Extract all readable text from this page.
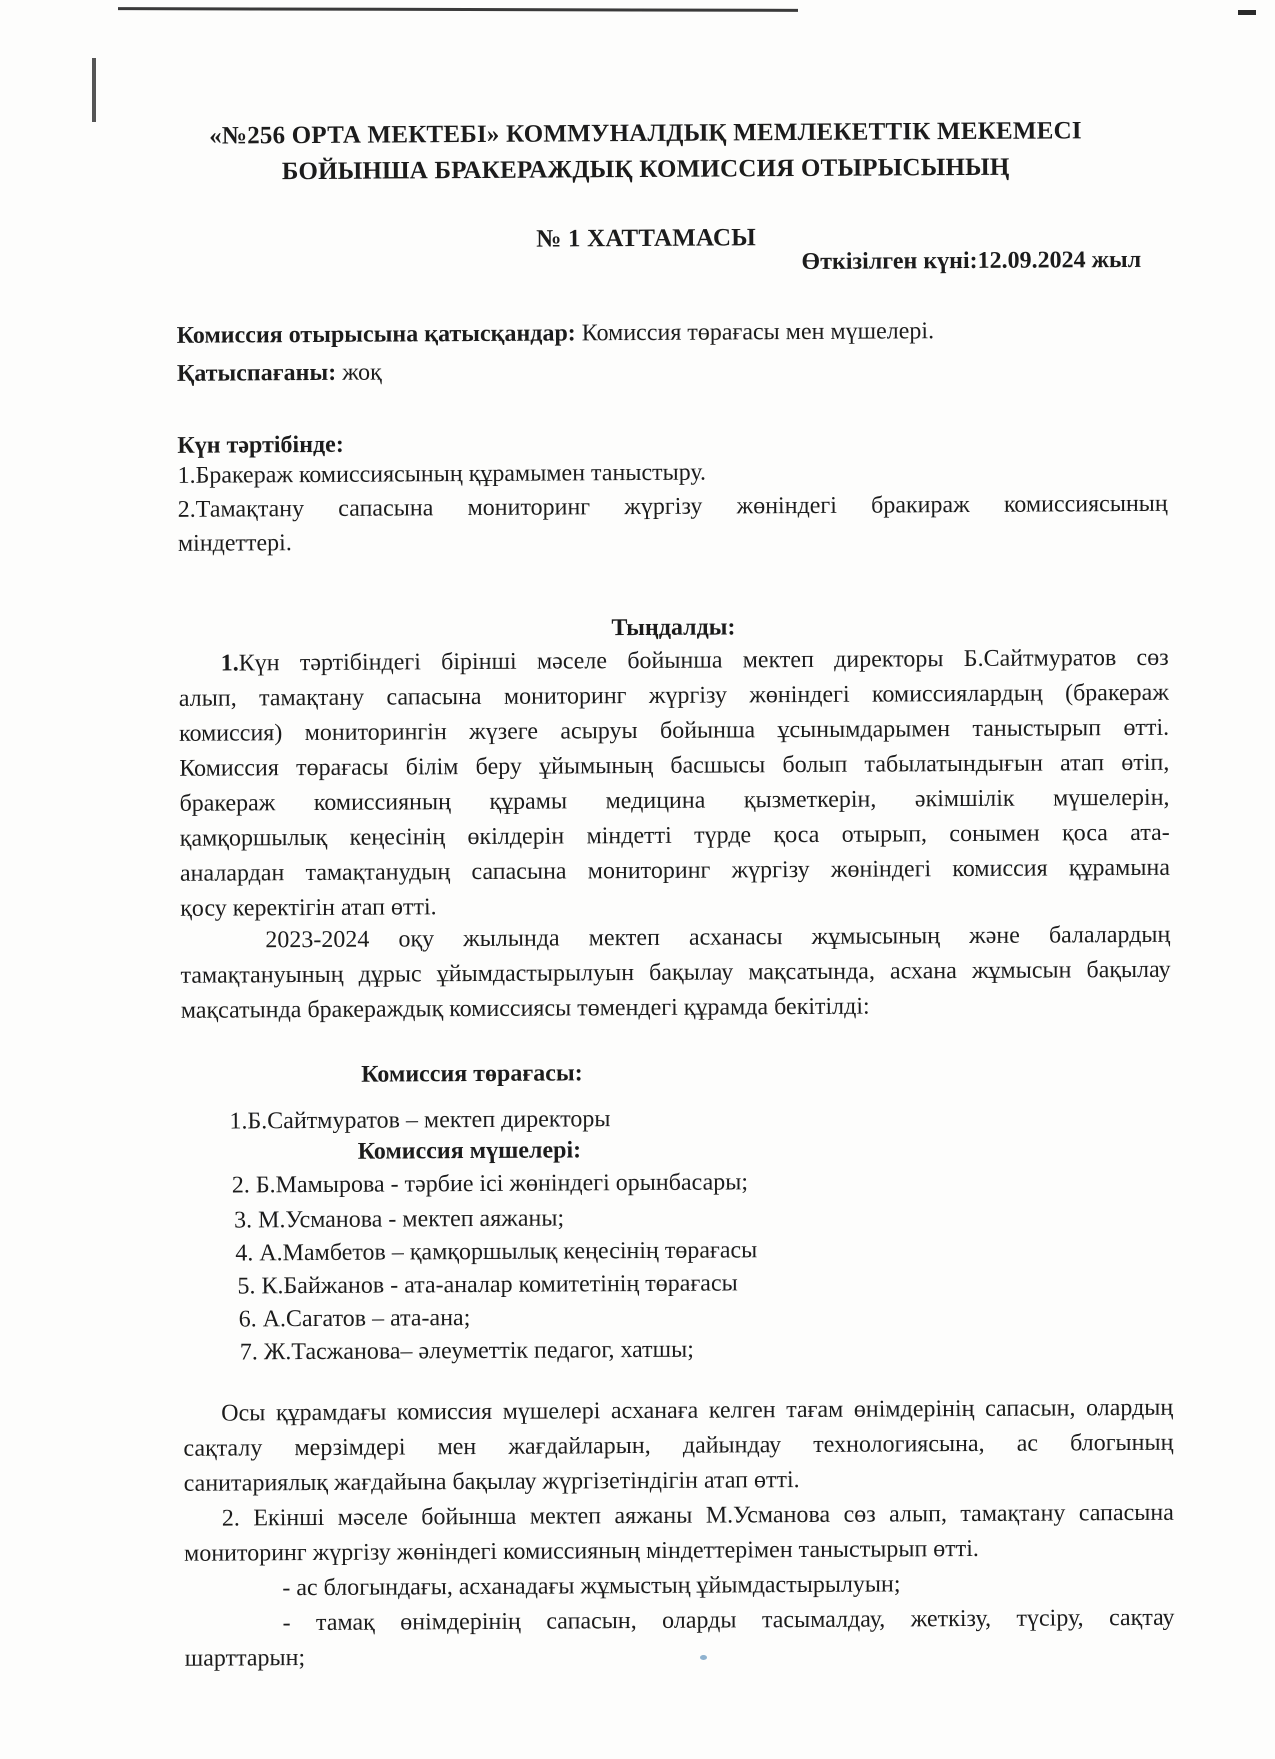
«№256 ОРТА МЕКТЕБІ» КОММУНАЛДЫҚ МЕМЛЕКЕТТІК МЕКЕМЕСІ
БОЙЫНША БРАКЕРАЖДЫҚ КОМИССИЯ ОТЫРЫСЫНЫҢ
№ 1 ХАТТАМАСЫ
Өткізілген күні:12.09.2024 жыл
Комиссия отырысына қатысқандар: Комиссия төрағасы мен мүшелері.
Қатыспағаны: жоқ
Күн тәртібінде:
1.Бракераж комиссиясының құрамымен таныстыру.
2.Тамақтану сапасына мониторинг жүргізу жөніндегі бракираж комиссиясының
міндеттері.
Тыңдалды:
1.Күн тәртібіндегі бірінші мәселе бойынша мектеп директоры Б.Сайтмуратов сөз
алып, тамақтану сапасына мониторинг жүргізу жөніндегі комиссиялардың (бракераж
комиссия) мониторингін жүзеге асыруы бойынша ұсынымдарымен таныстырып өтті.
Комиссия төрағасы білім беру ұйымының басшысы болып табылатындығын атап өтіп,
бракераж комиссияның құрамы медицина қызметкерін, әкімшілік мүшелерін,
қамқоршылық кеңесінің өкілдерін міндетті түрде қоса отырып, сонымен қоса ата-
аналардан тамақтанудың сапасына мониторинг жүргізу жөніндегі комиссия құрамына
қосу керектігін атап өтті.
2023-2024 оқу жылында мектеп асханасы жұмысының және балалардың
тамақтануының дұрыс ұйымдастырылуын бақылау мақсатында, асхана жұмысын бақылау
мақсатында бракераждық комиссиясы төмендегі құрамда бекітілді:
Комиссия төрағасы:
1.Б.Сайтмуратов – мектеп директоры
Комиссия мүшелері:
2. Б.Мамырова - тәрбие ісі жөніндегі орынбасары;
3. М.Усманова - мектеп аяжаны;
4. А.Мамбетов – қамқоршылық кеңесінің төрағасы
5. К.Байжанов - ата-аналар комитетінің төрағасы
6. А.Сагатов – ата-ана;
7. Ж.Тасжанова– әлеуметтік педагог, хатшы;
Осы құрамдағы комиссия мүшелері асханаға келген тағам өнімдерінің сапасын, олардың
сақталу мерзімдері мен жағдайларын, дайындау технологиясына, ас блогының
санитариялық жағдайына бақылау жүргізетіндігін атап өтті.
2. Екінші мәселе бойынша мектеп аяжаны М.Усманова сөз алып, тамақтану сапасына
мониторинг жүргізу жөніндегі комиссияның міндеттерімен таныстырып өтті.
- ас блогындағы, асханадағы жұмыстың ұйымдастырылуын;
- тамақ өнімдерінің сапасын, оларды тасымалдау, жеткізу, түсіру, сақтау
шарттарын;
